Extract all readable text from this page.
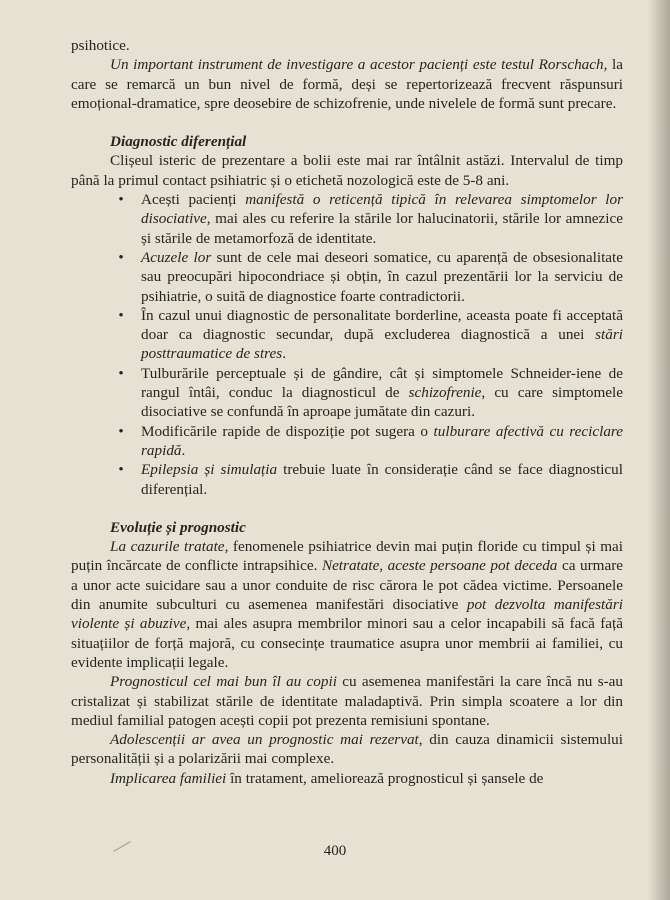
psihotice.

Un important instrument de investigare a acestor pacienți este testul Rorschach, la care se remarcă un bun nivel de formă, deși se repertorizează frecvent răspunsuri emoțional-dramatice, spre deosebire de schizofrenie, unde nivelele de formă sunt precare.

Diagnostic diferențial

Clișeul isteric de prezentare a bolii este mai rar întâlnit astăzi. Intervalul de timp până la primul contact psihiatric și o etichetă nozologică este de 5-8 ani.

• Acești pacienți manifestă o reticență tipică în relevarea simptomelor lor disociative, mai ales cu referire la stările lor halucinatorii, stările lor amnezice și stările de metamorfoză de identitate.
• Acuzele lor sunt de cele mai deseori somatice, cu aparență de obsesionalitate sau preocupări hipocondriace și obțin, în cazul prezentării lor la serviciu de psihiatrie, o suită de diagnostice foarte contradictorii.
• În cazul unui diagnostic de personalitate borderline, aceasta poate fi acceptată doar ca diagnostic secundar, după excluderea diagnostică a unei stări posttraumatice de stres.
• Tulburările perceptuale și de gândire, cât și simptomele Schneider-iene de rangul întâi, conduc la diagnosticul de schizofrenie, cu care simptomele disociative se confundă în aproape jumătate din cazuri.
• Modificările rapide de dispoziție pot sugera o tulburare afectivă cu reciclare rapidă.
• Epilepsia și simulația trebuie luate în considerație când se face diagnosticul diferențial.
Evoluție și prognostic

La cazurile tratate, fenomenele psihiatrice devin mai puțin floride cu timpul și mai puțin încărcate de conflicte intrapsihice. Netratate, aceste persoane pot deceda ca urmare a unor acte suicidare sau a unor conduite de risc cărora le pot cădea victime. Persoanele din anumite subculturi cu asemenea manifestări disociative pot dezvolta manifestări violente și abuzive, mai ales asupra membrilor minori sau a celor incapabili să facă față situațiilor de forță majoră, cu consecințe traumatice asupra unor membrii ai familiei, cu evidente implicații legale.

Prognosticul cel mai bun îl au copii cu asemenea manifestări la care încă nu s-au cristalizat și stabilizat stările de identitate maladaptivă. Prin simpla scoatere a lor din mediul familial patogen acești copii pot prezenta remisiuni spontane.

Adolescenții ar avea un prognostic mai rezervat, din cauza dinamicii sistemului personalității și a polarizării mai complexe.

Implicarea familiei în tratament, ameliorează prognosticul și șansele de

400
